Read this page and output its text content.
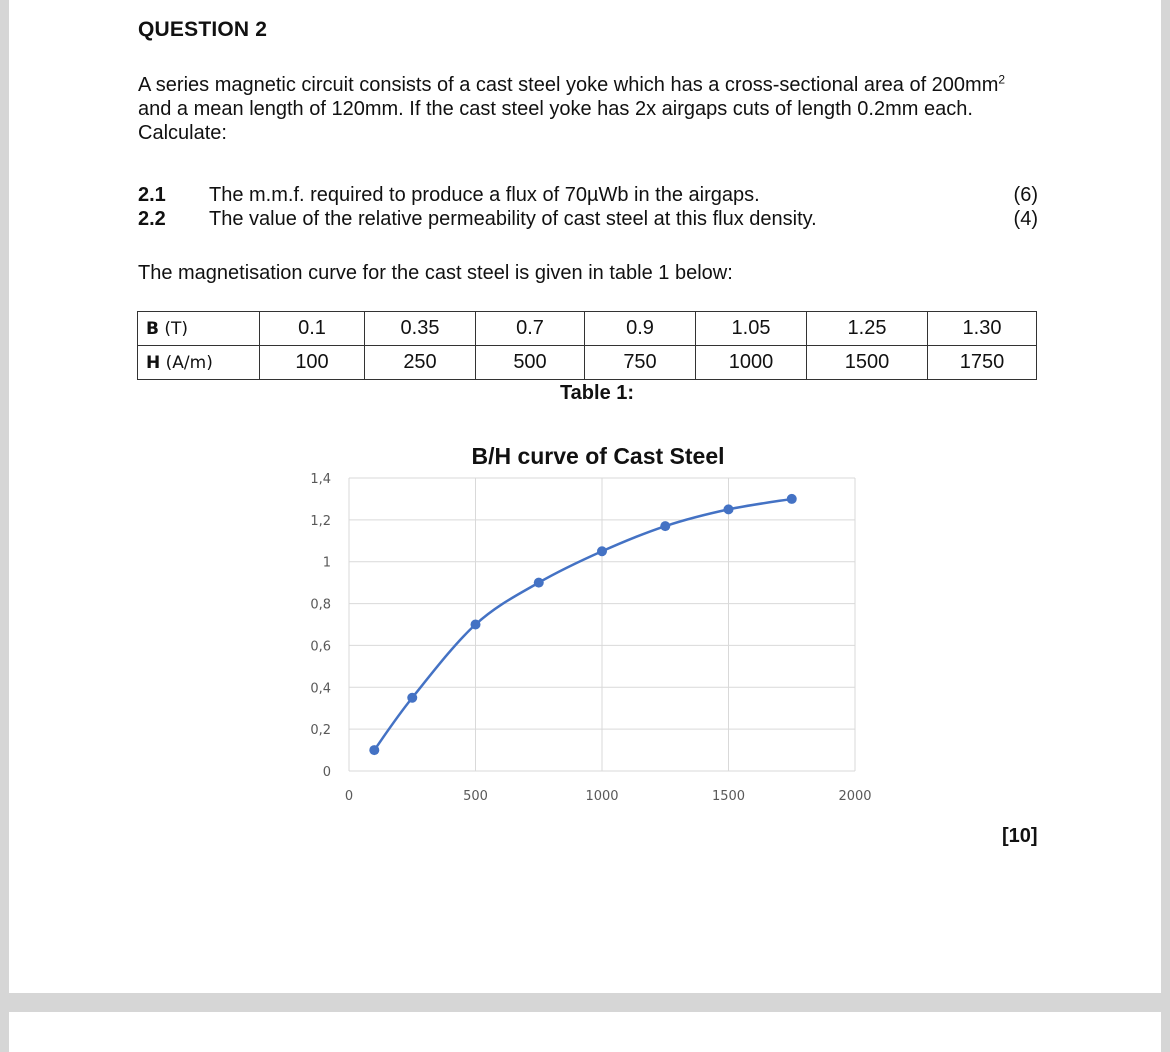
QUESTION 2
A series magnetic circuit consists of a cast steel yoke which has a cross-sectional area of $200mm^2$ and a mean length of 120mm. If the cast steel yoke has 2x airgaps cuts of length 0.2mm each. Calculate:
2.1 The m.m.f. required to produce a flux of 70µWb in the airgaps.	(6)
2.2 The value of the relative permeability of cast steel at this flux density.	(4)
The magnetisation curve for the cast steel is given in table 1 below:
B (T)	0.1	0.35	0.7	0.9	1.05	1.25	1.30
H (A/m)	100	250	500	750	1000	1500	1750
Table 1:
B/H curve of Cast Steel
0
0,2
0,4
0,6
0,8
1
1,2
1,4
0	500	1000	1500	2000
[10]
